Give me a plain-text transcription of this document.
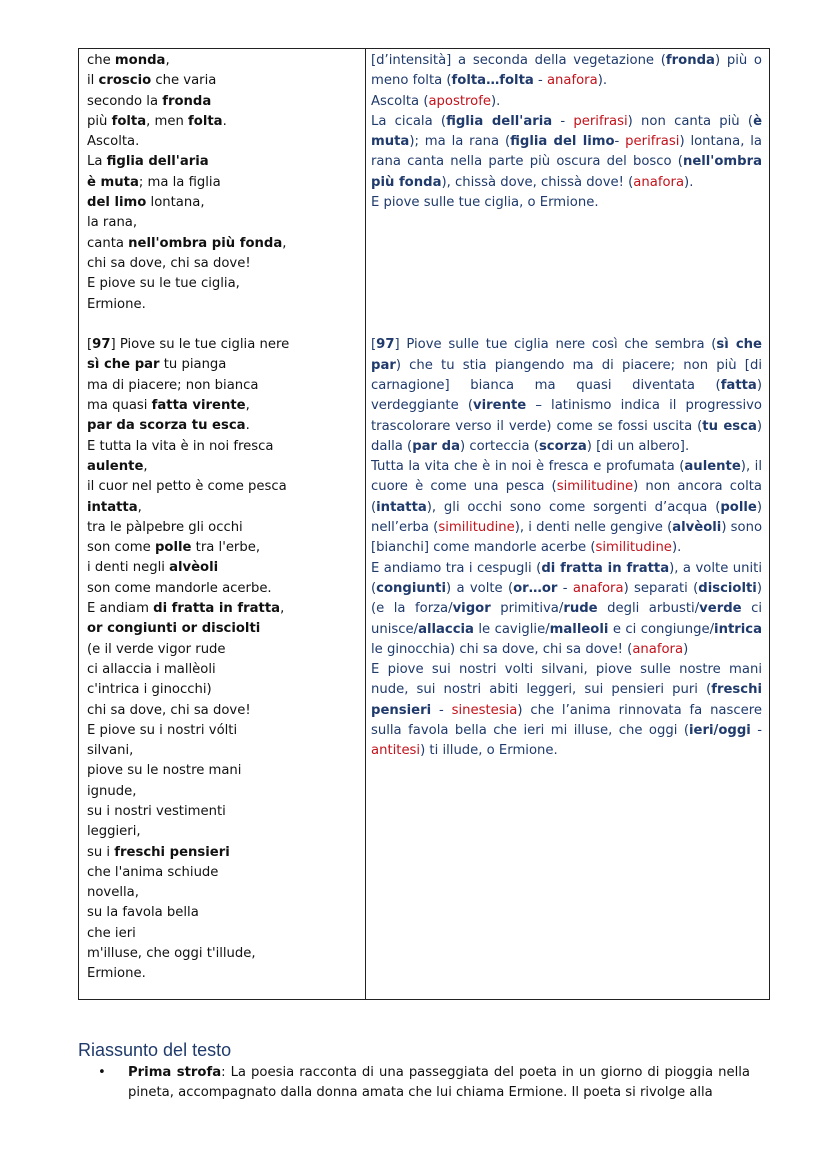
che monda,
il croscio che varia
secondo la fronda
più folta, men folta.
Ascolta.
La figlia dell'aria
è muta; ma la figlia
del limo lontana,
la rana,
canta nell'ombra più fonda,
chi sa dove, chi sa dove!
E piove su le tue ciglia,
Ermione.
[97] Piove su le tue ciglia nere
sì che par tu pianga
ma di piacere; non bianca
ma quasi fatta virente,
par da scorza tu esca.
E tutta la vita è in noi fresca
aulente,
il cuor nel petto è come pesca
intatta,
tra le pàlpebre gli occhi
son come polle tra l'erbe,
i denti negli alvèoli
son come mandorle acerbe.
E andiam di fratta in fratta,
or congiunti or disciolti
(e il verde vigor rude
ci allaccia i mallèoli
c'intrica i ginocchi)
chi sa dove, chi sa dove!
E piove su i nostri vólti
silvani,
piove su le nostre mani
ignude,
su i nostri vestimenti
leggieri,
su i freschi pensieri
che l'anima schiude
novella,
su la favola bella
che ieri
m'illuse, che oggi t'illude,
Ermione.
[d’intensità] a seconda della vegetazione (fronda) più o meno folta (folta…folta - anafora).
Ascolta (apostrofe).
La cicala (figlia dell'aria - perifrasi) non canta più (è muta); ma la rana (figlia del limo- perifrasi) lontana, la rana canta nella parte più oscura del bosco (nell'ombra più fonda), chissà dove, chissà dove! (anafora).
E piove sulle tue ciglia, o Ermione.
[97] Piove sulle tue ciglia nere così che sembra (sì che par) che tu stia piangendo ma di piacere; non più [di carnagione] bianca ma quasi diventata (fatta) verdeggiante (virente – latinismo indica il progressivo trascolorare verso il verde) come se fossi uscita (tu esca) dalla (par da) corteccia (scorza) [di un albero].
Tutta la vita che è in noi è fresca e profumata (aulente), il cuore è come una pesca (similitudine) non ancora colta (intatta), gli occhi sono come sorgenti d’acqua (polle) nell’erba (similitudine), i denti nelle gengive (alvèoli) sono [bianchi] come mandorle acerbe (similitudine).
E andiamo tra i cespugli (di fratta in fratta), a volte uniti (congiunti) a volte (or…or - anafora) separati (disciolti) (e la forza/vigor primitiva/rude degli arbusti/verde ci unisce/allaccia le caviglie/malleoli e ci congiunge/intrica le ginocchia) chi sa dove, chi sa dove! (anafora)
E piove sui nostri volti silvani, piove sulle nostre mani nude, sui nostri abiti leggeri, sui pensieri puri (freschi pensieri - sinestesia) che l’anima rinnovata fa nascere sulla favola bella che ieri mi illuse, che oggi (ieri/oggi - antitesi) ti illude, o Ermione.
Riassunto del testo
• Prima strofa: La poesia racconta di una passeggiata del poeta in un giorno di pioggia nella pineta, accompagnato dalla donna amata che lui chiama Ermione. Il poeta si rivolge alla
